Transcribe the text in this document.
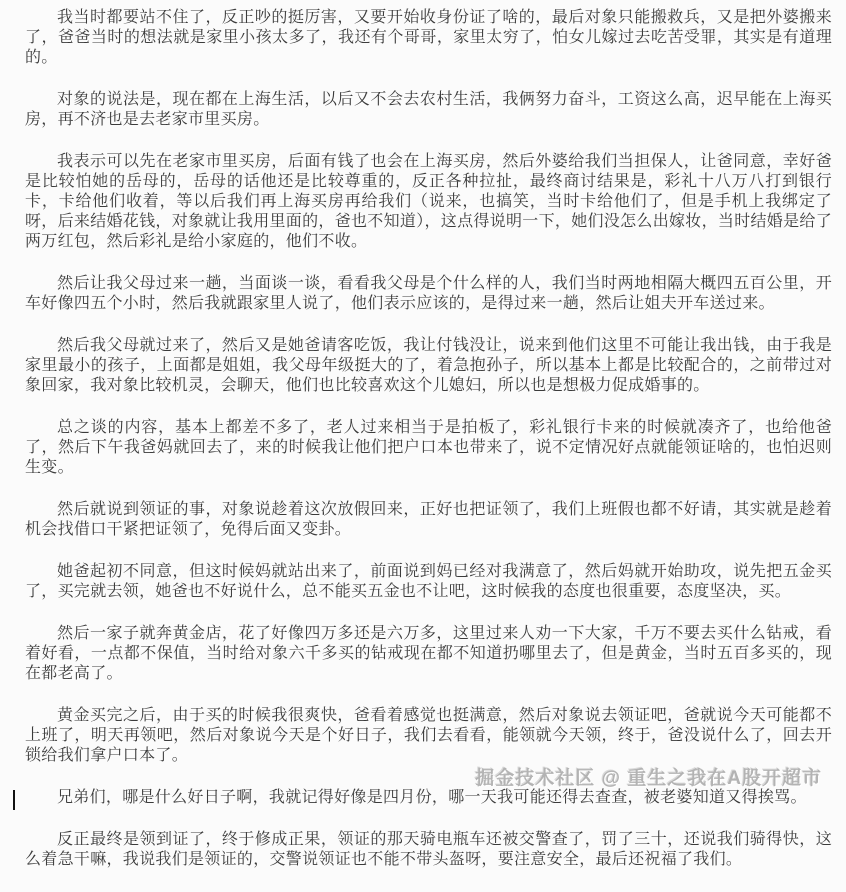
我当时都要站不住了，反正吵的挺厉害，又要开始收身份证了啥的，最后对象只能搬救兵，又是把外婆搬来了，爸爸当时的想法就是家里小孩太多了，我还有个哥哥，家里太穷了，怕女儿嫁过去吃苦受罪，其实是有道理的。

对象的说法是，现在都在上海生活，以后又不会去农村生活，我俩努力奋斗，工资这么高，迟早能在上海买房，再不济也是去老家市里买房。

我表示可以先在老家市里买房，后面有钱了也会在上海买房，然后外婆给我们当担保人，让爸同意，幸好爸是比较怕她的岳母的，岳母的话他还是比较尊重的，反正各种拉扯，最终商讨结果是，彩礼十八万八打到银行卡，卡给他们收着，等以后我们再上海买房再给我们（说来，也搞笑，当时卡给他们了，但是手机上我绑定了呀，后来结婚花钱，对象就让我用里面的，爸也不知道），这点得说明一下，她们没怎么出嫁妆，当时结婚是给了两万红包，然后彩礼是给小家庭的，他们不收。

然后让我父母过来一趟，当面谈一谈，看看我父母是个什么样的人，我们当时两地相隔大概四五百公里，开车好像四五个小时，然后我就跟家里人说了，他们表示应该的，是得过来一趟，然后让姐夫开车送过来。

然后我父母就过来了，然后又是她爸请客吃饭，我让付钱没让，说来到他们这里不可能让我出钱，由于我是家里最小的孩子，上面都是姐姐，我父母年级挺大的了，着急抱孙子，所以基本上都是比较配合的，之前带过对象回家，我对象比较机灵，会聊天，他们也比较喜欢这个儿媳妇，所以也是想极力促成婚事的。

总之谈的内容，基本上都差不多了，老人过来相当于是拍板了，彩礼银行卡来的时候就凑齐了，也给他爸了，然后下午我爸妈就回去了，来的时候我让他们把户口本也带来了，说不定情况好点就能领证啥的，也怕迟则生变。

然后就说到领证的事，对象说趁着这次放假回来，正好也把证领了，我们上班假也都不好请，其实就是趁着机会找借口干紧把证领了，免得后面又变卦。

她爸起初不同意，但这时候妈就站出来了，前面说到妈已经对我满意了，然后妈就开始助攻，说先把五金买了，买完就去领，她爸也不好说什么，总不能买五金也不让吧，这时候我的态度也很重要，态度坚决，买。

然后一家子就奔黄金店，花了好像四万多还是六万多，这里过来人劝一下大家，千万不要去买什么钻戒，看着好看，一点都不保值，当时给对象六千多买的钻戒现在都不知道扔哪里去了，但是黄金，当时五百多买的，现在都老高了。

黄金买完之后，由于买的时候我很爽快，爸看着感觉也挺满意，然后对象说去领证吧，爸就说今天可能都不上班了，明天再领吧，然后对象说今天是个好日子，我们去看看，能领就今天领，终于，爸没说什么了，回去开锁给我们拿户口本了。

兄弟们，哪是什么好日子啊，我就记得好像是四月份，哪一天我可能还得去查查，被老婆知道又得挨骂。

反正最终是领到证了，终于修成正果，领证的那天骑电瓶车还被交警查了，罚了三十，还说我们骑得快，这么着急干嘛，我说我们是领证的，交警说领证也不能不带头盔呀，要注意安全，最后还祝福了我们。

掘金技术社区 @ 重生之我在A股开超市
